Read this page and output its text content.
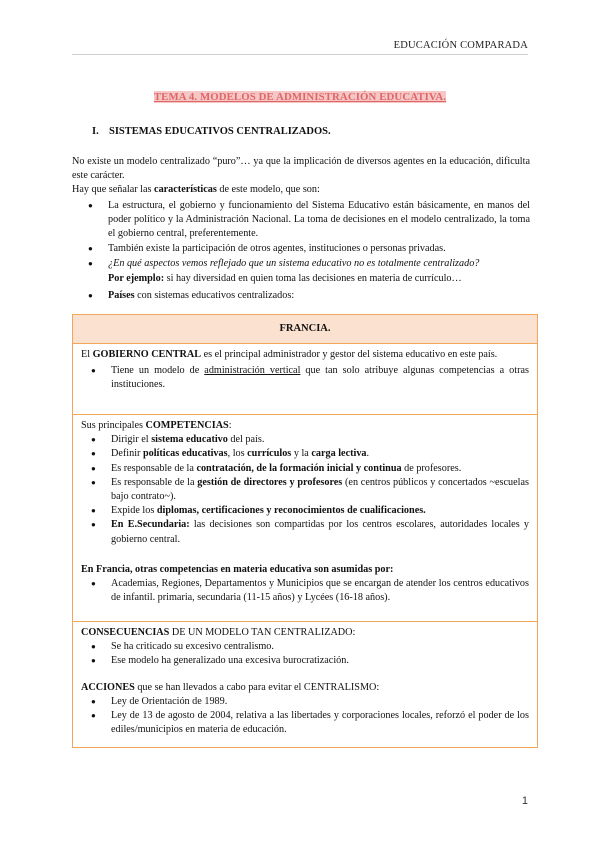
EDUCACIÓN COMPARADA
TEMA 4. MODELOS DE ADMINISTRACIÓN EDUCATIVA.
I. SISTEMAS EDUCATIVOS CENTRALIZADOS.

No existe un modelo centralizado “puro”… ya que la implicación de diversos agentes en la educación, dificulta este carácter.

Hay que señalar las características de este modelo, que son:

● La estructura, el gobierno y funcionamiento del Sistema Educativo están básicamente, en manos del poder político y la Administración Nacional. La toma de decisiones en el modelo centralizado, la toma el gobierno central, preferentemente.
● También existe la participación de otros agentes, instituciones o personas privadas.
● ¿En qué aspectos vemos reflejado que un sistema educativo no es totalmente centralizado?
Por ejemplo: si hay diversidad en quien toma las decisiones en materia de currículo…
● Países con sistemas educativos centralizados:
FRANCIA.

El GOBIERNO CENTRAL es el principal administrador y gestor del sistema educativo en este país.

● Tiene un modelo de administración vertical que tan solo atribuye algunas competencias a otras instituciones.

Sus principales COMPETENCIAS:

● Dirigir el sistema educativo del país.
● Definir políticas educativas, los currículos y la carga lectiva.
● Es responsable de la contratación, de la formación inicial y continua de profesores.
● Es responsable de la gestión de directores y profesores (en centros públicos y concertados ~escuelas bajo contrato~).
● Expide los diplomas, certificaciones y reconocimientos de cualificaciones.
● En E.Secundaria: las decisiones son compartidas por los centros escolares, autoridades locales y gobierno central.

En Francia, otras competencias en materia educativa son asumidas por:

● Academias, Regiones, Departamentos y Municipios que se encargan de atender los centros educativos de infantil. primaria, secundaria (11-15 años) y Lycées (16-18 años).

CONSECUENCIAS DE UN MODELO TAN CENTRALIZADO:

● Se ha criticado su excesivo centralismo.
● Ese modelo ha generalizado una excesiva burocratización.

ACCIONES que se han llevados a cabo para evitar el CENTRALISMO:

● Ley de Orientación de 1989.
● Ley de 13 de agosto de 2004, relativa a las libertades y corporaciones locales, reforzó el poder de los ediles/municipios en materia de educación.
1
